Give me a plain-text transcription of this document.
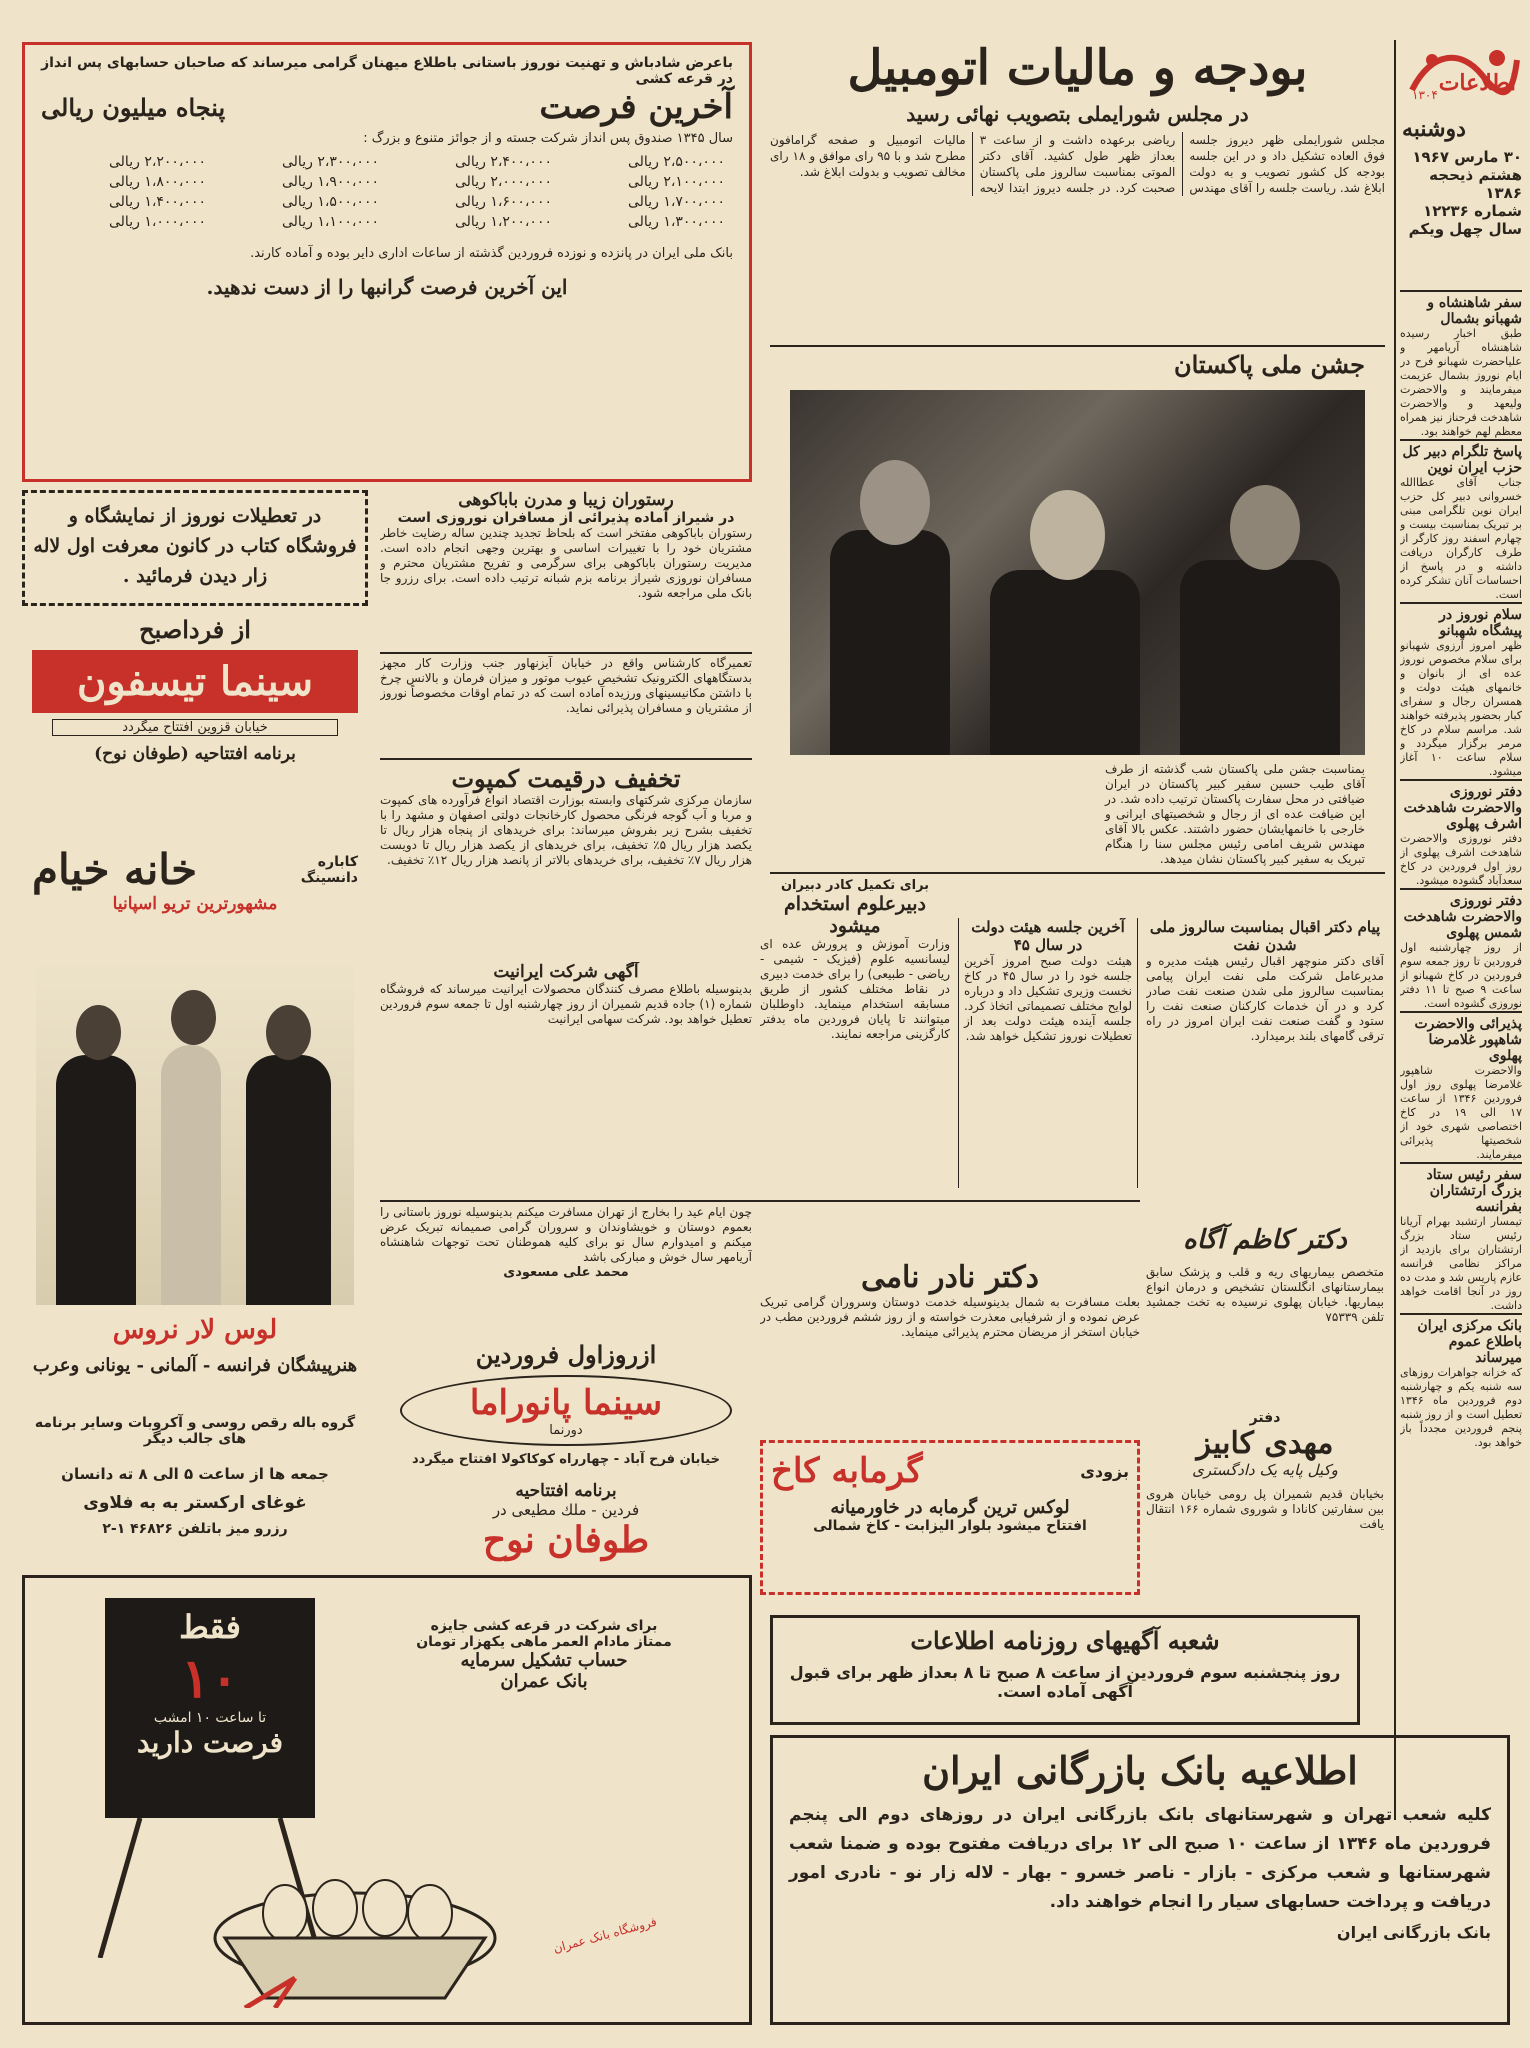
اطلاعات
۱۳۰۴
دوشنبه
۳۰ مارس ۱۹۶۷
هشتم ذیحجه ۱۳۸۶
شماره ۱۲۲۳۶
سال چهل ویکم
سفر شاهنشاه و شهبانو بشمال

طبق اخبار رسیده شاهنشاه آریامهر و علیاحضرت شهبانو فرح در ایام نوروز بشمال عزیمت میفرمایند و والاحضرت ولیعهد و والاحضرت شاهدخت فرحناز نیز همراه معظم لهم خواهند بود.

پاسخ تلگرام دبیر کل حزب ایران نوین

جناب آقای عطاالله خسروانی دبیر کل حزب ایران نوین تلگرامی مبنی بر تبریک بمناسبت بیست و چهارم اسفند روز کارگر از طرف کارگران دریافت داشته و در پاسخ از احساسات آنان تشکر کرده است.

سلام نوروز در پیشگاه شهبانو

ظهر امروز آرزوی شهبانو برای سلام مخصوص نوروز عده ای از بانوان و خانمهای هیئت دولت و همسران رجال و سفرای کبار بحضور پذیرفته خواهند شد. مراسم سلام در کاخ مرمر برگزار میگردد و سلام ساعت ۱۰ آغاز میشود.

دفتر نوروزی والاحضرت شاهدخت اشرف پهلوی

دفتر نوروزی والاحضرت شاهدخت اشرف پهلوی از روز اول فروردین در کاخ سعدآباد گشوده میشود.

دفتر نوروزی والاحضرت شاهدخت شمس پهلوی

از روز چهارشنبه اول فروردین تا روز جمعه سوم فروردین در کاخ شهبانو از ساعت ۹ صبح تا ۱۱ دفتر نوروزی گشوده است.

پذیرائی والاحضرت شاهپور غلامرضا پهلوی

والاحضرت شاهپور غلامرضا پهلوی روز اول فروردین ۱۳۴۶ از ساعت ۱۷ الی ۱۹ در کاخ اختصاصی شهری خود از شخصیتها پذیرائی میفرمایند.

سفر رئیس ستاد بزرگ ارتشتاران بفرانسه

تیمسار ارتشبد بهرام آریانا رئیس ستاد بزرگ ارتشتاران برای بازدید از مراکز نظامی فرانسه عازم پاریس شد و مدت ده روز در آنجا اقامت خواهد داشت.

بانک مرکزی ایران باطلاع عموم میرساند

که خزانه جواهرات روزهای سه شنبه یکم و چهارشنبه دوم فروردین ماه ۱۳۴۶ تعطیل است و از روز شنبه پنجم فروردین مجدداً باز خواهد بود.

بودجه و مالیات اتومبیل
در مجلس شورایملی بتصویب نهائی رسید

مجلس شورایملی ظهر دیروز جلسه فوق العاده تشکیل داد و در این جلسه بودجه کل کشور تصویب و به دولت ابلاغ شد. ریاست جلسه را آقای مهندس ریاضی برعهده داشت و از ساعت ۳ بعداز ظهر طول کشید. آقای دکتر الموتی بمناسبت سالروز ملی پاکستان صحبت کرد. در جلسه دیروز ابتدا لایحه مالیات اتومبیل و صفحه گرامافون مطرح شد و با ۹۵ رای موافق و ۱۸ رای مخالف تصویب و بدولت ابلاغ شد.

جشن ملی پاکستان

بمناسبت جشن ملی پاکستان شب گذشته از طرف آقای طیب حسین سفیر کبیر پاکستان در ایران ضیافتی در محل سفارت پاکستان ترتیب داده شد. در این ضیافت عده ای از رجال و شخصیتهای ایرانی و خارجی با خانمهایشان حضور داشتند. عکس بالا آقای مهندس شریف امامی رئیس مجلس سنا را هنگام تبریک به سفیر کبیر پاکستان نشان میدهد.

باعرض شادباش و تهنیت نوروز باستانی باطلاع میهنان گرامی میرساند که صاحبان حسابهای پس انداز در قرعه کشی
آخرین فرصت
پنجاه میلیون ریالی
سال ۱۳۴۵ صندوق پس انداز شرکت جسته و از جوائز متنوع و بزرگ :
۲،۵۰۰،۰۰۰ ریالی	۲،۴۰۰،۰۰۰ ریالی	۲،۳۰۰،۰۰۰ ریالی	۲،۲۰۰،۰۰۰ ریالی
۲،۱۰۰،۰۰۰ ریالی	۲،۰۰۰،۰۰۰ ریالی	۱،۹۰۰،۰۰۰ ریالی	۱،۸۰۰،۰۰۰ ریالی
۱،۷۰۰،۰۰۰ ریالی	۱،۶۰۰،۰۰۰ ریالی	۱،۵۰۰،۰۰۰ ریالی	۱،۴۰۰،۰۰۰ ریالی
۱،۳۰۰،۰۰۰ ریالی	۱،۲۰۰،۰۰۰ ریالی	۱،۱۰۰،۰۰۰ ریالی	۱،۰۰۰،۰۰۰ ریالی
بانک ملی ایران در پانزده و نوزده فروردین گذشته از ساعات اداری دایر بوده و آماده کارند.
این آخرین فرصت گرانبها را از دست ندهید.
در تعطیلات نوروز از نمایشگاه و فروشگاه کتاب در کانون معرفت اول لاله زار دیدن فرمائید .
رستوران زیبا و مدرن باباکوهی
در شیراز آماده پذیرائی از مسافران نوروزی است

رستوران باباکوهی مفتخر است که بلحاظ تجدید چندین ساله رضایت خاطر مشتریان خود را با تغییرات اساسی و بهترین وجهی انجام داده است. مدیریت رستوران باباکوهی برای سرگرمی و تفریح مشتریان محترم و مسافران نوروزی شیراز برنامه بزم شبانه ترتیب داده است. برای رزرو جا بانک ملی مراجعه شود.

تعمیرگاه کارشناس واقع در خیابان آیزنهاور جنب وزارت کار مجهز بدستگاههای الکترونیک تشخیص عیوب موتور و میزان فرمان و بالانس چرخ با داشتن مکانیسینهای ورزیده آماده است که در تمام اوقات مخصوصاً نوروز از مشتریان و مسافران پذیرائی نماید.

از فرداصبح
سینما تیسفون
خیابان قزوین افتتاح میگردد
برنامه افتتاحیه (طوفان نوح)
تخفیف درقیمت کمپوت

سازمان مرکزی شرکتهای وابسته بوزارت اقتصاد انواع فرآورده های کمپوت و مربا و آب گوجه فرنگی محصول کارخانجات دولتی اصفهان و مشهد را با تخفیف بشرح زیر بفروش میرساند: برای خریدهای از پنجاه هزار ریال تا یکصد هزار ریال ۵٪ تخفیف، برای خریدهای از یکصد هزار ریال تا دویست هزار ریال ۷٪ تخفیف، برای خریدهای بالاتر از پانصد هزار ریال ۱۲٪ تخفیف.

آگهی شرکت ایرانیت

بدینوسیله باطلاع مصرف کنندگان محصولات ایرانیت میرساند که فروشگاه شماره (۱) جاده قدیم شمیران از روز چهارشنبه اول تا جمعه سوم فروردین تعطیل خواهد بود. شرکت سهامی ایرانیت

برای تکمیل کادر دبیران
دبیرعلوم استخدام میشود

وزارت آموزش و پرورش عده ای لیسانسیه علوم (فیزیک - شیمی - ریاضی - طبیعی) را برای خدمت دبیری در نقاط مختلف کشور از طریق مسابقه استخدام مینماید. داوطلبان میتوانند تا پایان فروردین ماه بدفتر کارگزینی مراجعه نمایند.

آخرین جلسه هیئت دولت در سال ۴۵

هیئت دولت صبح امروز آخرین جلسه خود را در سال ۴۵ در کاخ نخست وزیری تشکیل داد و درباره لوایح مختلف تصمیماتی اتخاذ کرد. جلسه آینده هیئت دولت بعد از تعطیلات نوروز تشکیل خواهد شد.

پیام دکتر اقبال بمناسبت سالروز ملی شدن نفت

آقای دکتر منوچهر اقبال رئیس هیئت مدیره و مدیرعامل شرکت ملی نفت ایران پیامی بمناسبت سالروز ملی شدن صنعت نفت صادر کرد و در آن خدمات کارکنان صنعت نفت را ستود و گفت صنعت نفت ایران امروز در راه ترقی گامهای بلند برمیدارد.

چون ایام عید را بخارج از تهران مسافرت میکنم بدینوسیله نوروز باستانی را بعموم دوستان و خویشاوندان و سروران گرامی صمیمانه تبریک عرض میکنم و امیدوارم سال نو برای کلیه هموطنان تحت توجهات شاهنشاه آریامهر سال خوش و مبارکی باشد

محمد علی مسعودی
دکتر کاظم آگاه

متخصص بیماریهای ریه و قلب و پزشک سابق بیمارستانهای انگلستان تشخیص و درمان انواع بیماریها. خیابان پهلوی نرسیده به تخت جمشید تلفن ۷۵۳۳۹

ازروزاول فروردین
سینما پانوراما
دورنما
خیابان فرح آباد - چهارراه کوکاکولا افتتاح میگردد
برنامه افتتاحیه
فردین - ملك مطیعی در
طوفان نوح
دکتر نادر نامی

بعلت مسافرت به شمال بدینوسیله خدمت دوستان وسروران گرامی تبریک عرض نموده و از شرفیابی معذرت خواسته و از روز ششم فروردین مطب در خیابان استخر از مریضان محترم پذیرائی مینماید.

کاباره
دانسینگ
خانه خیام
مشهورترین تریو اسپانیا
لوس لار نروس
هنرپیشگان فرانسه - آلمانی - یونانی وعرب
گروه باله رقص روسی و آکروبات وسایر برنامه های جالب دیگر
جمعه ها از ساعت ۵ الی ۸ ته دانسان
غوغای ارکستر به به فلاوی
رزرو میز باتلفن ۴۶۸۲۶ ۱-۲
بزودی
گرمابه کاخ
لوکس ترین گرمابه در خاورمیانه
افتتاح میشود بلوار الیزابت - کاخ شمالی
دفتر
مهدی کابیز
وکیل پایه یک دادگستری

بخیابان قدیم شمیران پل رومی خیابان هروی بین سفارتین کانادا و شوروی شماره ۱۶۶ انتقال یافت

فقط
۱۰
تا ساعت ۱۰ امشب
فرصت دارید
برای شرکت در قرعه کشی جایزه
ممتاز مادام العمر ماهی یکهزار تومان
حساب تشکیل سرمایه
بانک عمران
فروشگاه بانک عمران
شعبه آگهیهای روزنامه اطلاعات
روز پنجشنبه سوم فروردین از ساعت ۸ صبح تا ۸ بعداز ظهر برای قبول آگهی آماده است.
اطلاعیه بانک بازرگانی ایران

کلیه شعب تهران و شهرستانهای بانک بازرگانی ایران در روزهای دوم الی پنجم فروردین ماه ۱۳۴۶ از ساعت ۱۰ صبح الی ۱۲ برای دریافت مفتوح بوده و ضمنا شعب شهرستانها و شعب مرکزی - بازار - ناصر خسرو - بهار - لاله زار نو - نادری امور دریافت و پرداخت حسابهای سیار را انجام خواهند داد.

بانک بازرگانی ایران
